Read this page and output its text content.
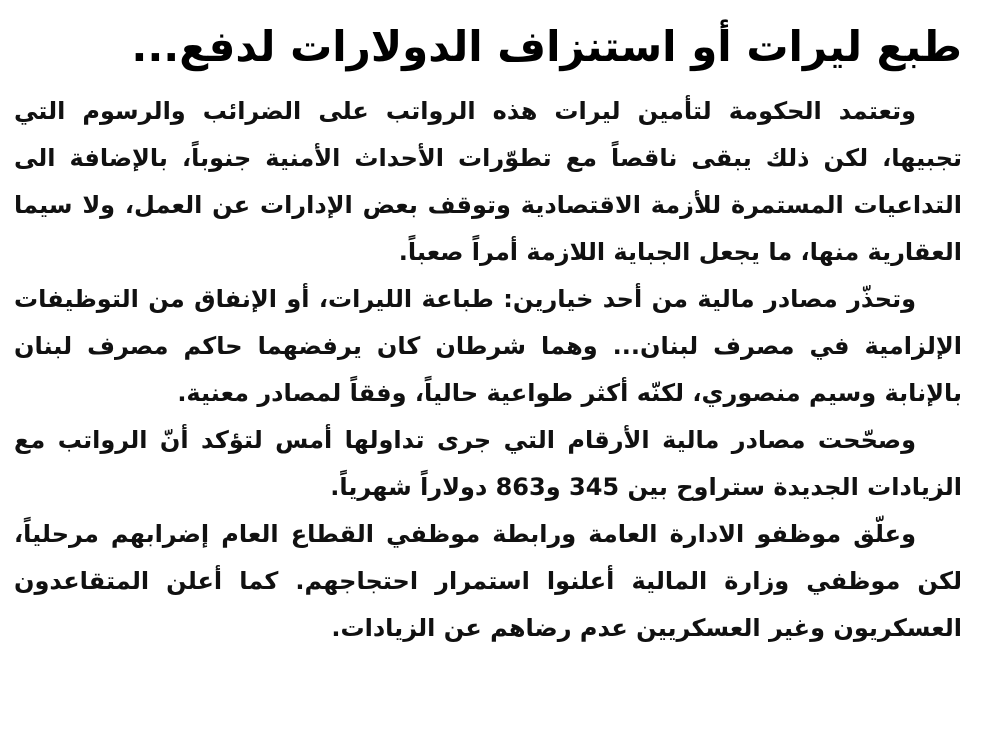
طبع ليرات أو استنزاف الدولارات لدفع...

وتعتمد الحكومة لتأمين ليرات هذه الرواتب على الضرائب والرسوم التي تجبيها، لكن ذلك يبقى ناقصاً مع تطوّرات الأحداث الأمنية جنوباً، بالإضافة الى التداعيات المستمرة للأزمة الاقتصادية وتوقف بعض الإدارات عن العمل، ولا سيما العقارية منها، ما يجعل الجباية اللازمة أمراً صعباً.

وتحذّر مصادر مالية من أحد خيارين: طباعة الليرات، أو الإنفاق من التوظيفات الإلزامية في مصرف لبنان... وهما شرطان كان يرفضهما حاكم مصرف لبنان بالإنابة وسيم منصوري، لكنّه أكثر طواعية حالياً، وفقاً لمصادر معنية.

وصحّحت مصادر مالية الأرقام التي جرى تداولها أمس لتؤكد أنّ الرواتب مع الزيادات الجديدة ستراوح بين 345 و863 دولاراً شهرياً.

وعلّق موظفو الادارة العامة ورابطة موظفي القطاع العام إضرابهم مرحلياً، لكن موظفي وزارة المالية أعلنوا استمرار احتجاجهم. كما أعلن المتقاعدون العسكريون وغير العسكريين عدم رضاهم عن الزيادات.
